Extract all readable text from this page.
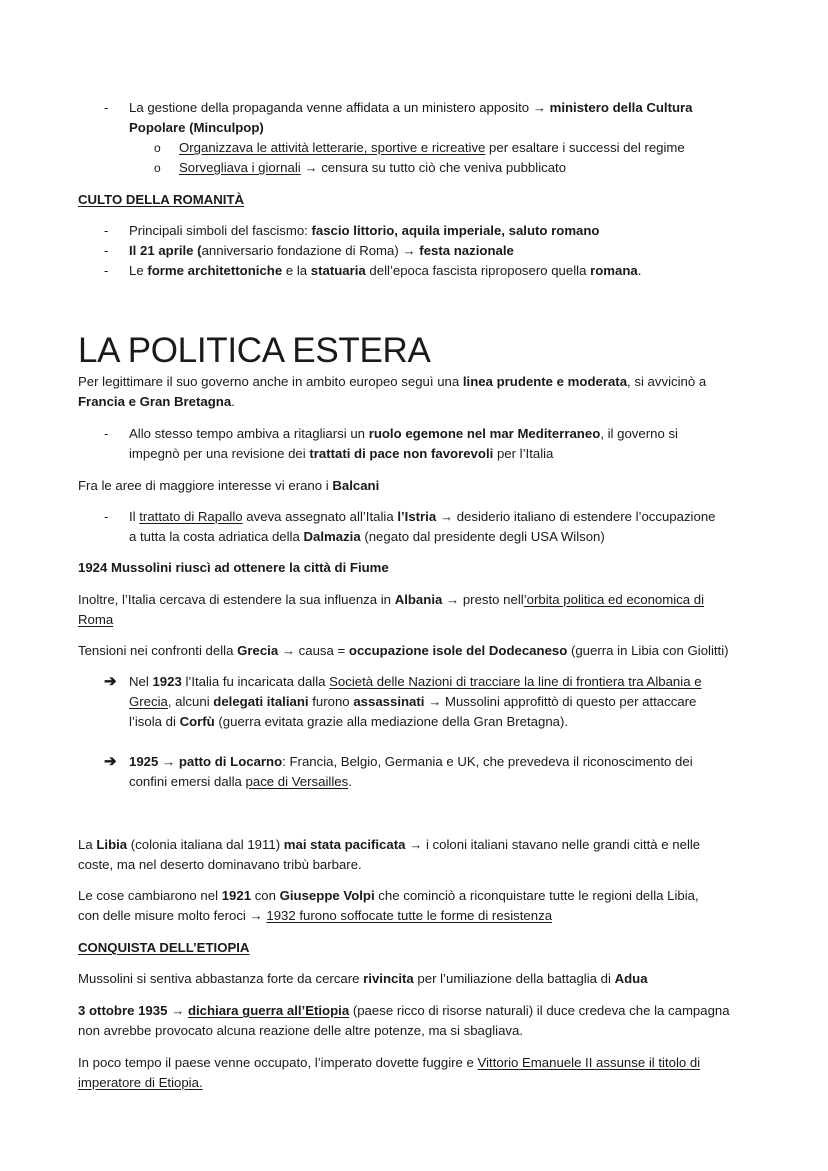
- La gestione della propaganda venne affidata a un ministero apposito → ministero della Cultura
Popolare (Minculpop)
o Organizzava le attività letterarie, sportive e ricreative per esaltare i successi del regime
o Sorvegliava i giornali → censura su tutto ciò che veniva pubblicato
CULTO DELLA ROMANITÀ
- Principali simboli del fascismo: fascio littorio, aquila imperiale, saluto romano
- Il 21 aprile (anniversario fondazione di Roma) → festa nazionale
- Le forme architettoniche e la statuaria dell’epoca fascista riproposero quella romana.
LA POLITICA ESTERA
Per legittimare il suo governo anche in ambito europeo seguì una linea prudente e moderata, si avvicinò a
Francia e Gran Bretagna.
- Allo stesso tempo ambiva a ritagliarsi un ruolo egemone nel mar Mediterraneo, il governo si
impegnò per una revisione dei trattati di pace non favorevoli per l’Italia
Fra le aree di maggiore interesse vi erano i Balcani
- Il trattato di Rapallo aveva assegnato all’Italia l’Istria → desiderio italiano di estendere l’occupazione
a tutta la costa adriatica della Dalmazia (negato dal presidente degli USA Wilson)
1924 Mussolini riuscì ad ottenere la città di Fiume
Inoltre, l’Italia cercava di estendere la sua influenza in Albania → presto nell’orbita politica ed economica di
Roma
Tensioni nei confronti della Grecia → causa = occupazione isole del Dodecaneso (guerra in Libia con Giolitti)
➔ Nel 1923 l’Italia fu incaricata dalla Società delle Nazioni di tracciare la line di frontiera tra Albania e
Grecia, alcuni delegati italiani furono assassinati → Mussolini approfittò di questo per attaccare
l’isola di Corfù (guerra evitata grazie alla mediazione della Gran Bretagna).
➔ 1925 → patto di Locarno: Francia, Belgio, Germania e UK, che prevedeva il riconoscimento dei
confini emersi dalla pace di Versailles.
La Libia (colonia italiana dal 1911) mai stata pacificata → i coloni italiani stavano nelle grandi città e nelle
coste, ma nel deserto dominavano tribù barbare.
Le cose cambiarono nel 1921 con Giuseppe Volpi che cominciò a riconquistare tutte le regioni della Libia,
con delle misure molto feroci → 1932 furono soffocate tutte le forme di resistenza
CONQUISTA DELL’ETIOPIA
Mussolini si sentiva abbastanza forte da cercare rivincita per l’umiliazione della battaglia di Adua
3 ottobre 1935 → dichiara guerra all’Etiopia (paese ricco di risorse naturali) il duce credeva che la campagna
non avrebbe provocato alcuna reazione delle altre potenze, ma si sbagliava.
In poco tempo il paese venne occupato, l’imperato dovette fuggire e Vittorio Emanuele II assunse il titolo di
imperatore di Etiopia.
